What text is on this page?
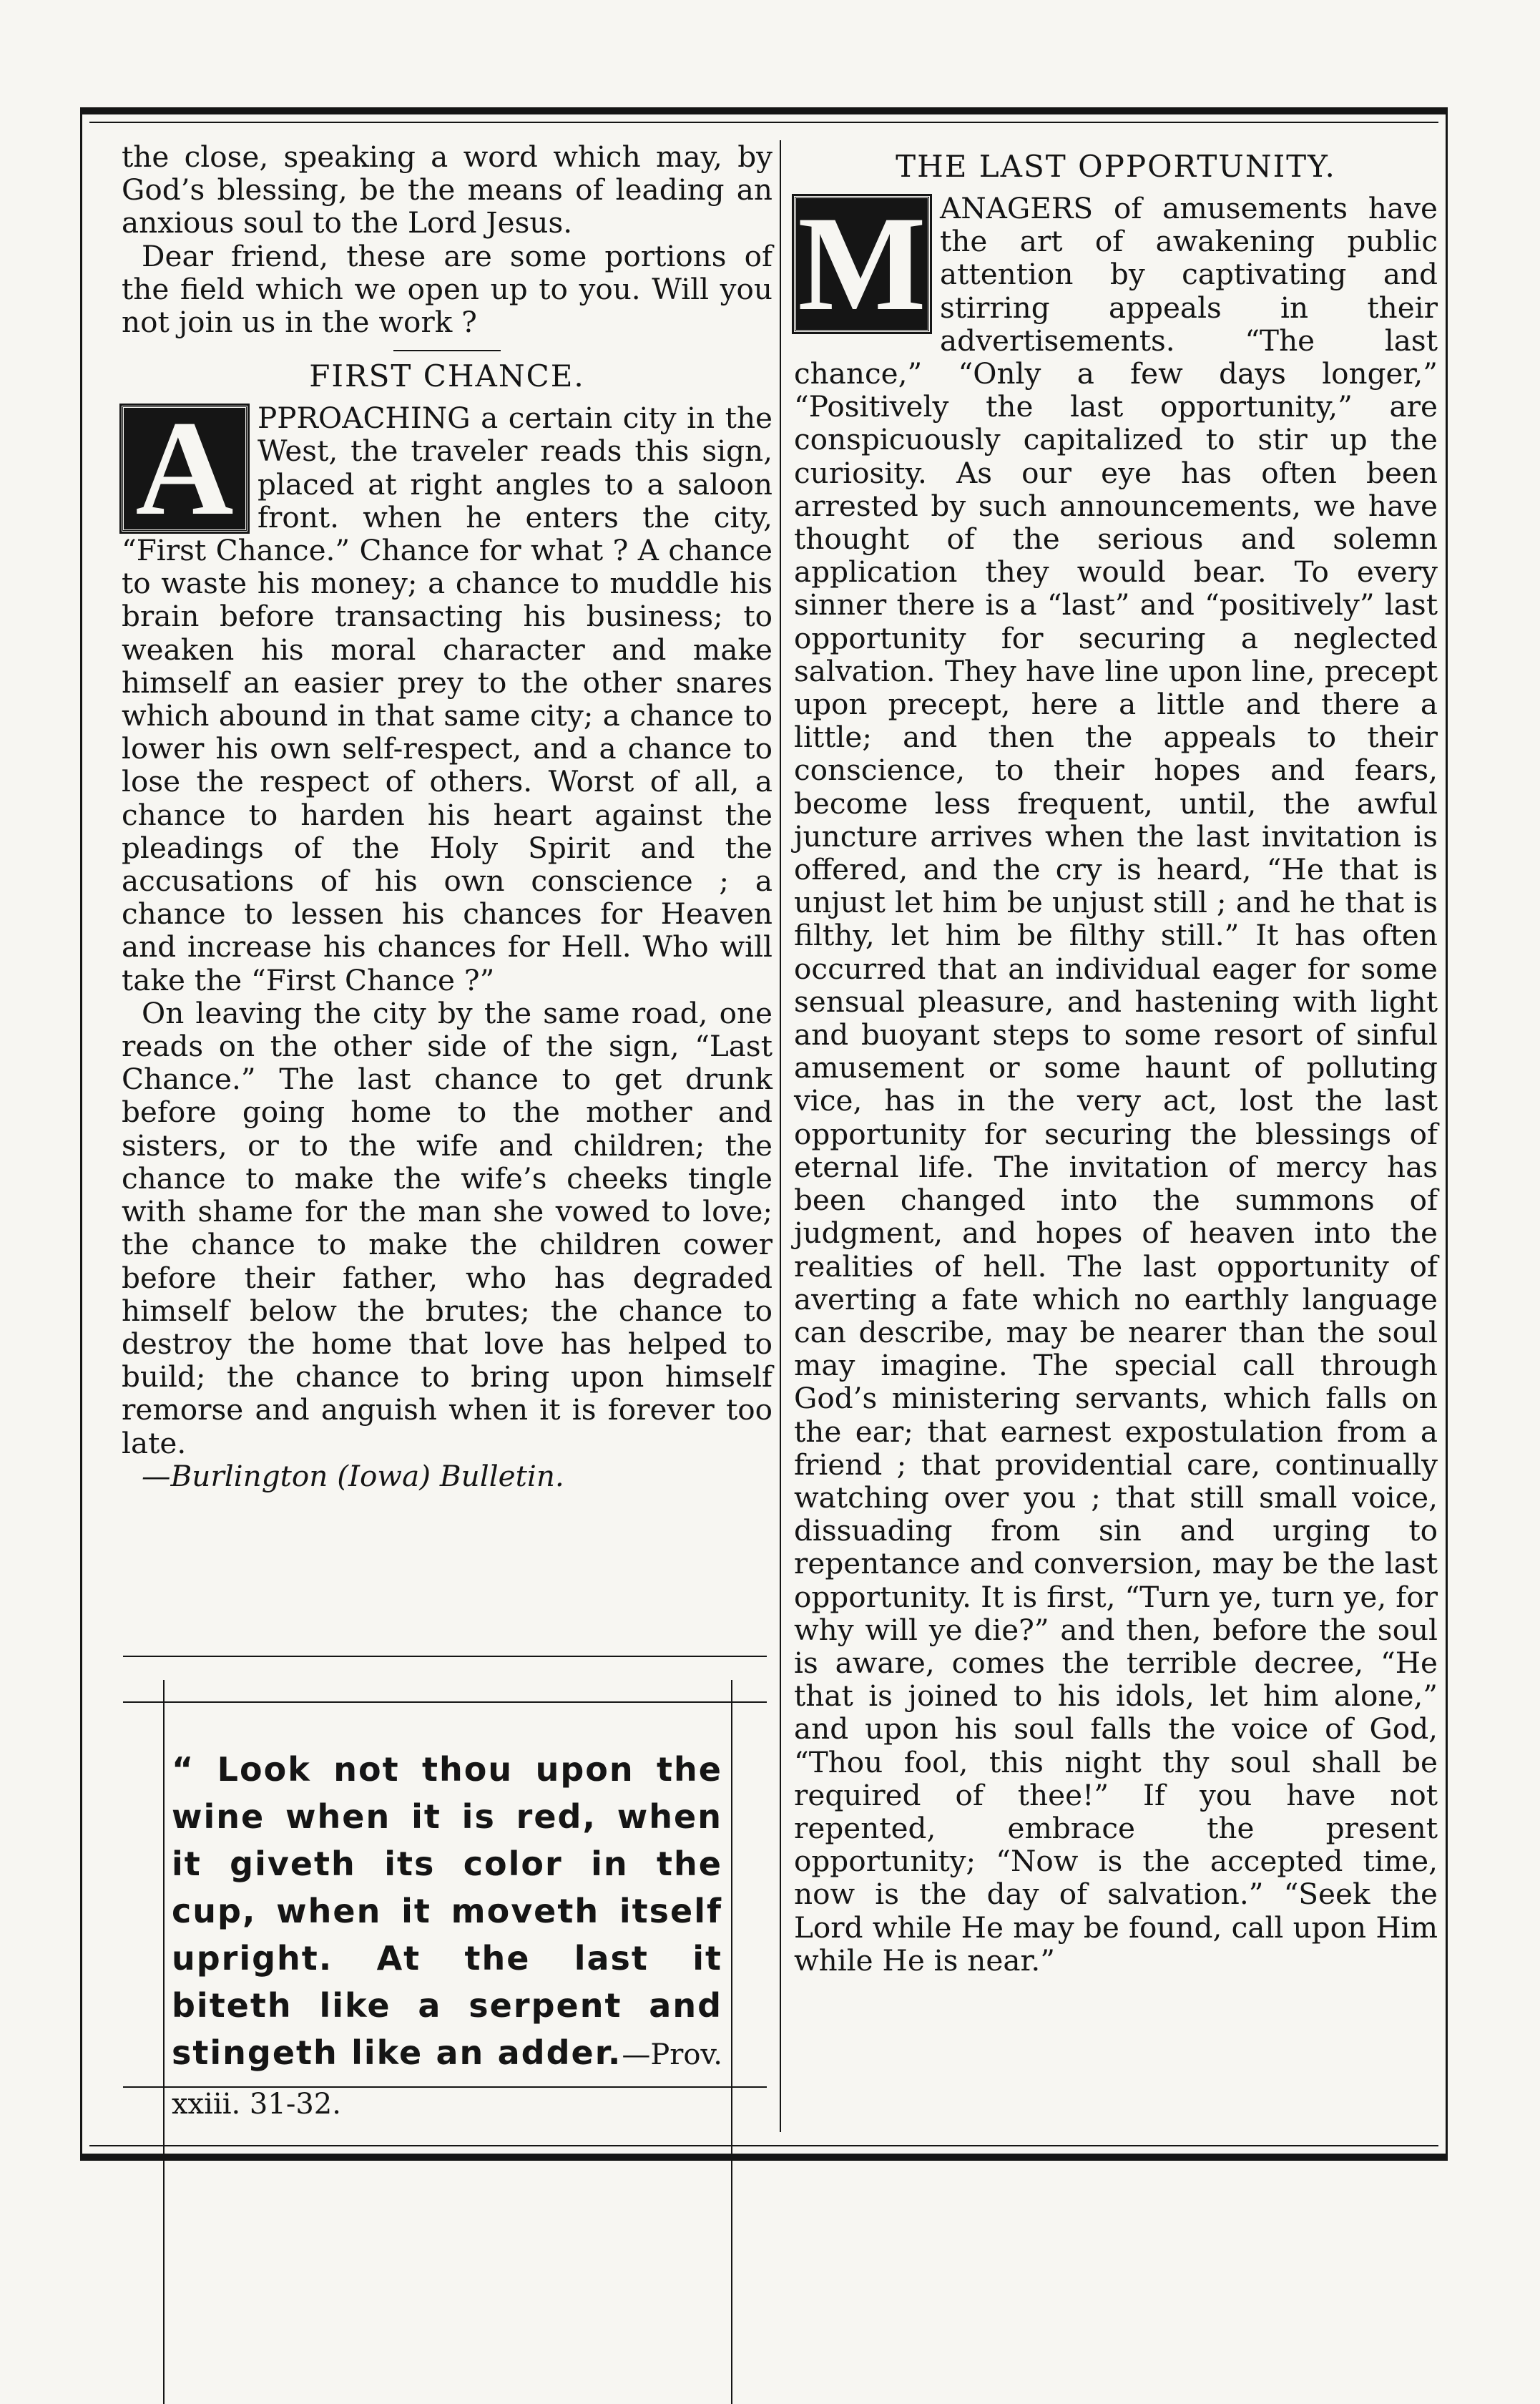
the close, speaking a word which may, by God’s blessing, be the means of leading an anxious soul to the Lord Jesus.

Dear friend, these are some portions of the field which we open up to you. Will you not join us in the work ?

FIRST CHANCE.

A PPROACHING a certain city in the West, the traveler reads this sign, placed at right angles to a saloon front. when he enters the city, “First Chance.” Chance for what ? A chance to waste his money; a chance to muddle his brain before transacting his business; to weaken his moral character and make himself an easier prey to the other snares which abound in that same city; a chance to lower his own self-respect, and a chance to lose the respect of others. Worst of all, a chance to harden his heart against the pleadings of the Holy Spirit and the accusations of his own conscience ; a chance to lessen his chances for Heaven and increase his chances for Hell. Who will take the “First Chance ?”

On leaving the city by the same road, one reads on the other side of the sign, “Last Chance.” The last chance to get drunk before going home to the mother and sisters, or to the wife and children; the chance to make the wife’s cheeks tingle with shame for the man she vowed to love; the chance to make the children cower before their father, who has degraded himself below the brutes; the chance to destroy the home that love has helped to build; the chance to bring upon himself remorse and anguish when it is forever too late.

—Burlington (Iowa) Bulletin.

“ Look not thou upon the wine when it is red, when it giveth its color in the cup, when it moveth itself upright. At the last it biteth like a serpent and stingeth like an adder.—Prov. xxiii. 31-32.
THE LAST OPPORTUNITY.

M ANAGERS of amusements have the art of awakening public attention by captivating and stirring appeals in their advertisements. “The last chance,” “Only a few days longer,” “Positively the last opportunity,” are conspicuously capitalized to stir up the curiosity. As our eye has often been arrested by such announcements, we have thought of the serious and solemn application they would bear. To every sinner there is a “last” and “positively” last opportunity for securing a neglected salvation. They have line upon line, precept upon precept, here a little and there a little; and then the appeals to their conscience, to their hopes and fears, become less frequent, until, the awful juncture arrives when the last invitation is offered, and the cry is heard, “He that is unjust let him be unjust still ; and he that is filthy, let him be filthy still.” It has often occurred that an individual eager for some sensual pleasure, and hastening with light and buoyant steps to some resort of sinful amusement or some haunt of polluting vice, has in the very act, lost the last opportunity for securing the blessings of eternal life. The invitation of mercy has been changed into the summons of judgment, and hopes of heaven into the realities of hell. The last opportunity of averting a fate which no earthly language can describe, may be nearer than the soul may imagine. The special call through God’s ministering servants, which falls on the ear; that earnest expostulation from a friend ; that providential care, continually watching over you ; that still small voice, dissuading from sin and urging to repentance and conversion, may be the last opportunity. It is first, “Turn ye, turn ye, for why will ye die?” and then, before the soul is aware, comes the terrible decree, “He that is joined to his idols, let him alone,” and upon his soul falls the voice of God, “Thou fool, this night thy soul shall be required of thee!” If you have not repented, embrace the present opportunity; “Now is the accepted time, now is the day of salvation.” “Seek the Lord while He may be found, call upon Him while He is near.”
